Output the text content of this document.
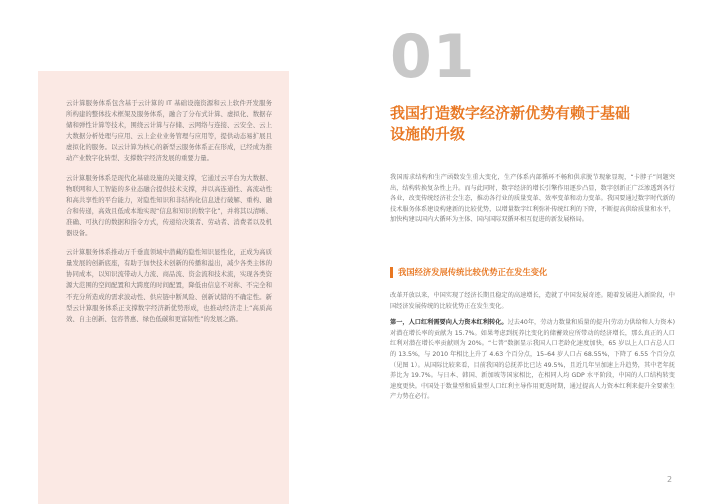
云计算服务体系包含基于云计算的 IT 基础设施资源和云上软件开发服务所构建的整体技术框架及服务体系，融合了分布式计算、虚拟化、数据存储和弹性计算等技术，围绕云计算与存储、云网络与连接、云安全、云上大数据分析处理与应用、云上企业业务管理与应用等，提供动态易扩展且虚拟化的服务。以云计算为核心的新型云服务体系正在形成，已经成为推动产业数字化转型、支撑数字经济发展的重要力量。

云计算服务体系是现代化基础设施的关键支撑，它通过云平台为大数据、物联网和人工智能的多业态融合提供技术支撑，并以高连通性、高流动性和高共享性的平台能力，对隐性知识和非结构化信息进行破解、重构、融合和传递，高效且低成本地实现“信息和知识的数字化”，并将其以清晰、准确、可执行的数据和指令方式，传递给决策者、劳动者、消费者以及机器设备。

云计算服务体系推动万千垂直领域中潜藏的隐性知识显性化，正成为高质量发展的创新底座，有助于加快技术创新的传播和溢出，减少各类主体的协同成本，以知识流带动人力流、商品流、资金流和技术流，实现各类资源大范围的空间配置和大跨度的时间配置，降低由信息不对称、不完全和不充分所造成的需求波动性、供应链中断风险、创新试错的不确定性。新型云计算服务体系正支撑数字经济新优势形成，也推动经济走上“高质高效、自主创新、包容普惠、绿色低碳和更富韧性”的发展之路。

01
我国打造数字经济新优势有赖于基础设施的升级

我国需求结构和生产函数发生重大变化，生产体系内部循环不畅和供求脱节现象显现，“卡脖子”问题突出，结构转换复杂性上升。而与此同时，数字经济的增长引擎作用逐步凸显，数字创新正广泛渗透到各行各业，改变传统经济社会生态，推动各行业的质量变革、效率变革和动力变革。我国要通过数字时代新的技术服务体系建设构建新的比较优势，以增量数字红利弥补传统红利的下降，不断提高供给质量和水平，加快构建以国内大循环为主体、国内国际双循环相互促进的新发展格局。

我国经济发展传统比较优势正在发生变化

改革开放以来，中国实现了经济长期且稳定的高速增长，造就了中国发展奇迹。随着发展进入新阶段，中国经济发展传统的比较优势正在发生变化。

第一，人口红利需要向人力资本红利转化。过去40年，劳动力数量和质量的提升(劳动力供给和人力资本) 对潜在增长率的贡献为 15.7%。如果考虑到抚养比变化的储蓄效应所带动的经济增长，那么真正的人口红利对潜在增长率贡献则为 20%。“七普”数据显示我国人口老龄化速度加快，65 岁以上人口占总人口的 13.5%，与 2010 年相比上升了 4.63 个百分点，15–64 岁人口占 68.55%，下降了 6.55 个百分点（见图 1）。从国际比较来看，目前我国的总抚养比已达 49.5%，且近几年呈加速上升趋势，其中老年抚养比为 19.7%。与日本、韩国、新加坡等国家相比，在相同人均 GDP 水平阶段，中国的人口结构转变速度更快。中国处于数量型和质量型人口红利主导作用更迭时期，通过提高人力资本红利来提升全要素生产力势在必行。

2
